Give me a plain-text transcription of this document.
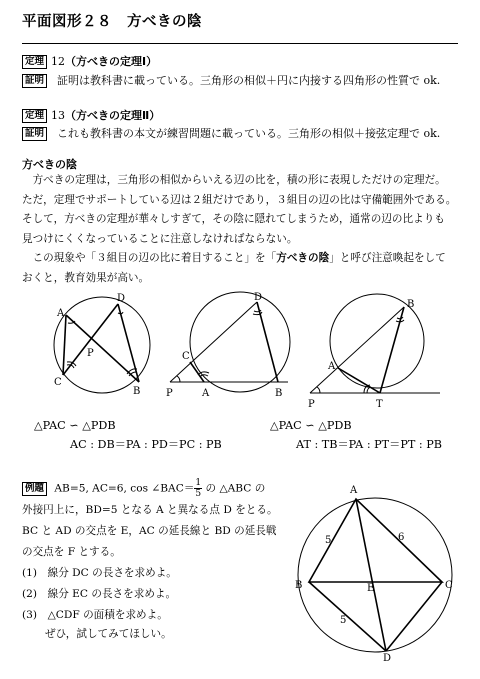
平面図形２８　方べきの陰
定理 12（方べきの定理Ⅰ）
証明 証明は教科書に載っている。三角形の相似＋円に内接する四角形の性質で ok.
定理 13（方べきの定理Ⅱ）
証明 これも教科書の本文が練習問題に載っている。三角形の相似＋接弦定理で ok.
方べきの陰
　方べきの定理は，三角形の相似からいえる辺の比を，積の形に表現しただけの定理だ。
ただ，定理でサポートしている辺は２組だけであり，３組目の辺の比は守備範囲外である。
そして，方べきの定理が華々しすぎて，その陰に隠れてしまうため，通常の辺の比よりも
見つけにくくなっていることに注意しなければならない。
　この現象や「３組目の辺の比に着目すること」を「方べきの陰」と呼び注意喚起をして
おくと，教育効果が高い。
A
D
P
C
B
D
C
P	A	B
B
A
P	T
△PAC ∽ △PDB
AC : DB＝PA : PD＝PC : PB
△PAC ∽ △PDB
AT : TB＝PA : PT＝PT : PB
例題 AB=5, AC=6, cos ∠BAC＝ $\frac{1}{5}$ の △ABC の
外接円上に，BD=5 となる A と異なる点 D をとる。
BC と AD の交点を E，AC の延長線と BD の延長戦
の交点を F とする。
(1)　 線分 DC の長さを求めよ。
(2)　 線分 EC の長さを求めよ。
(3)　 △CDF の面積を求めよ。
ぜひ，試してみてほしい。
A
B	C
D
E
5	6
5
